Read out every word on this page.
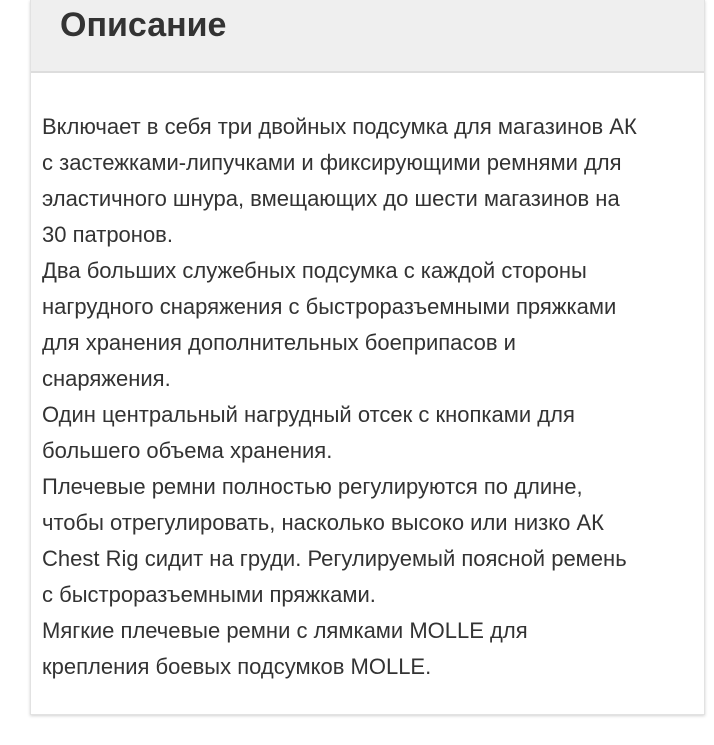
Описание

Включает в себя три двойных подсумка для магазинов АК

с застежками-липучками и фиксирующими ремнями для

эластичного шнура, вмещающих до шести магазинов на

30 патронов.

Два больших служебных подсумка с каждой стороны

нагрудного снаряжения с быстроразъемными пряжками

для хранения дополнительных боеприпасов и

снаряжения.

Один центральный нагрудный отсек с кнопками для

большего объема хранения.

Плечевые ремни полностью регулируются по длине,

чтобы отрегулировать, насколько высоко или низко АК

Chest Rig сидит на груди. Регулируемый поясной ремень

с быстроразъемными пряжками.

Мягкие плечевые ремни с лямками MOLLE для

крепления боевых подсумков MOLLE.
